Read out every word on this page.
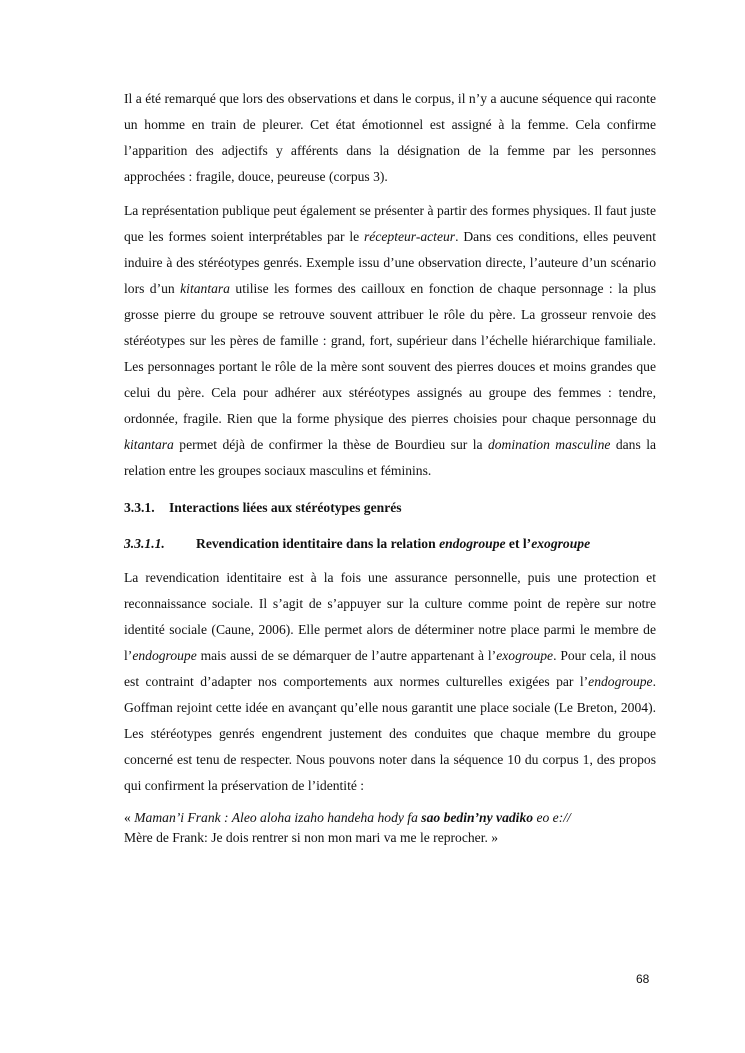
Il a été remarqué que lors des observations et dans le corpus, il n’y a aucune séquence qui raconte un homme en train de pleurer. Cet état émotionnel est assigné à la femme. Cela confirme l’apparition des adjectifs y afférents dans la désignation de la femme par les personnes approchées : fragile, douce, peureuse (corpus 3).

La représentation publique peut également se présenter à partir des formes physiques. Il faut juste que les formes soient interprétables par le récepteur-acteur. Dans ces conditions, elles peuvent induire à des stéréotypes genrés. Exemple issu d’une observation directe, l’auteure d’un scénario lors d’un kitantara utilise les formes des cailloux en fonction de chaque personnage : la plus grosse pierre du groupe se retrouve souvent attribuer le rôle du père. La grosseur renvoie des stéréotypes sur les pères de famille : grand, fort, supérieur dans l’échelle hiérarchique familiale. Les personnages portant le rôle de la mère sont souvent des pierres douces et moins grandes que celui du père. Cela pour adhérer aux stéréotypes assignés au groupe des femmes : tendre, ordonnée, fragile. Rien que la forme physique des pierres choisies pour chaque personnage du kitantara permet déjà de confirmer la thèse de Bourdieu sur la domination masculine dans la relation entre les groupes sociaux masculins et féminins.

3.3.1. Interactions liées aux stéréotypes genrés
3.3.1.1. Revendication identitaire dans la relation endogroupe et l’exogroupe

La revendication identitaire est à la fois une assurance personnelle, puis une protection et reconnaissance sociale. Il s’agit de s’appuyer sur la culture comme point de repère sur notre identité sociale (Caune, 2006). Elle permet alors de déterminer notre place parmi le membre de l’endogroupe mais aussi de se démarquer de l’autre appartenant à l’exogroupe. Pour cela, il nous est contraint d’adapter nos comportements aux normes culturelles exigées par l’endogroupe. Goffman rejoint cette idée en avançant qu’elle nous garantit une place sociale (Le Breton, 2004). Les stéréotypes genrés engendrent justement des conduites que chaque membre du groupe concerné est tenu de respecter. Nous pouvons noter dans la séquence 10 du corpus 1, des propos qui confirment la préservation de l’identité :

« Maman’i Frank : Aleo aloha izaho handeha hody fa sao bedin’ny vadiko eo e://
Mère de Frank: Je dois rentrer si non mon mari va me le reprocher. »

68
